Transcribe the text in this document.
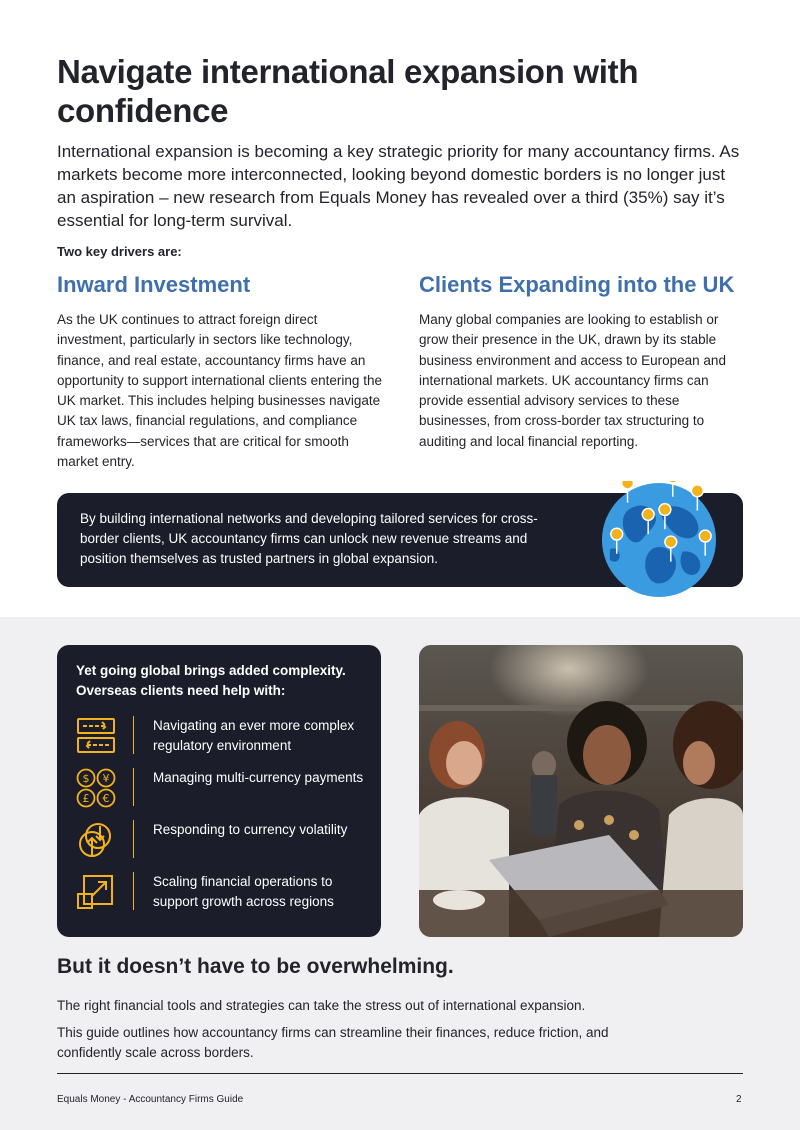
Navigate international expansion with confidence

International expansion is becoming a key strategic priority for many accountancy firms. As markets become more interconnected, looking beyond domestic borders is no longer just an aspiration – new research from Equals Money has revealed over a third (35%) say it’s essential for long-term survival.

Two key drivers are:

Inward Investment

As the UK continues to attract foreign direct investment, particularly in sectors like technology, finance, and real estate, accountancy firms have an opportunity to support international clients entering the UK market. This includes helping businesses navigate UK tax laws, financial regulations, and compliance frameworks—services that are critical for smooth market entry.

Clients Expanding into the UK

Many global companies are looking to establish or grow their presence in the UK, drawn by its stable business environment and access to European and international markets. UK accountancy firms can provide essential advisory services to these businesses, from cross-border tax structuring to auditing and local financial reporting.

By building international networks and developing tailored services for cross-border clients, UK accountancy firms can unlock new revenue streams and position themselves as trusted partners in global expansion.

Yet going global brings added complexity. Overseas clients need help with:

Navigating an ever more complex regulatory environment

$ ¥
£ €

Managing multi-currency payments

Responding to currency volatility

Scaling financial operations to support growth across regions

But it doesn’t have to be overwhelming.

The right financial tools and strategies can take the stress out of international expansion.

This guide outlines how accountancy firms can streamline their finances, reduce friction, and confidently scale across borders.

Equals Money - Accountancy Firms Guide	2
